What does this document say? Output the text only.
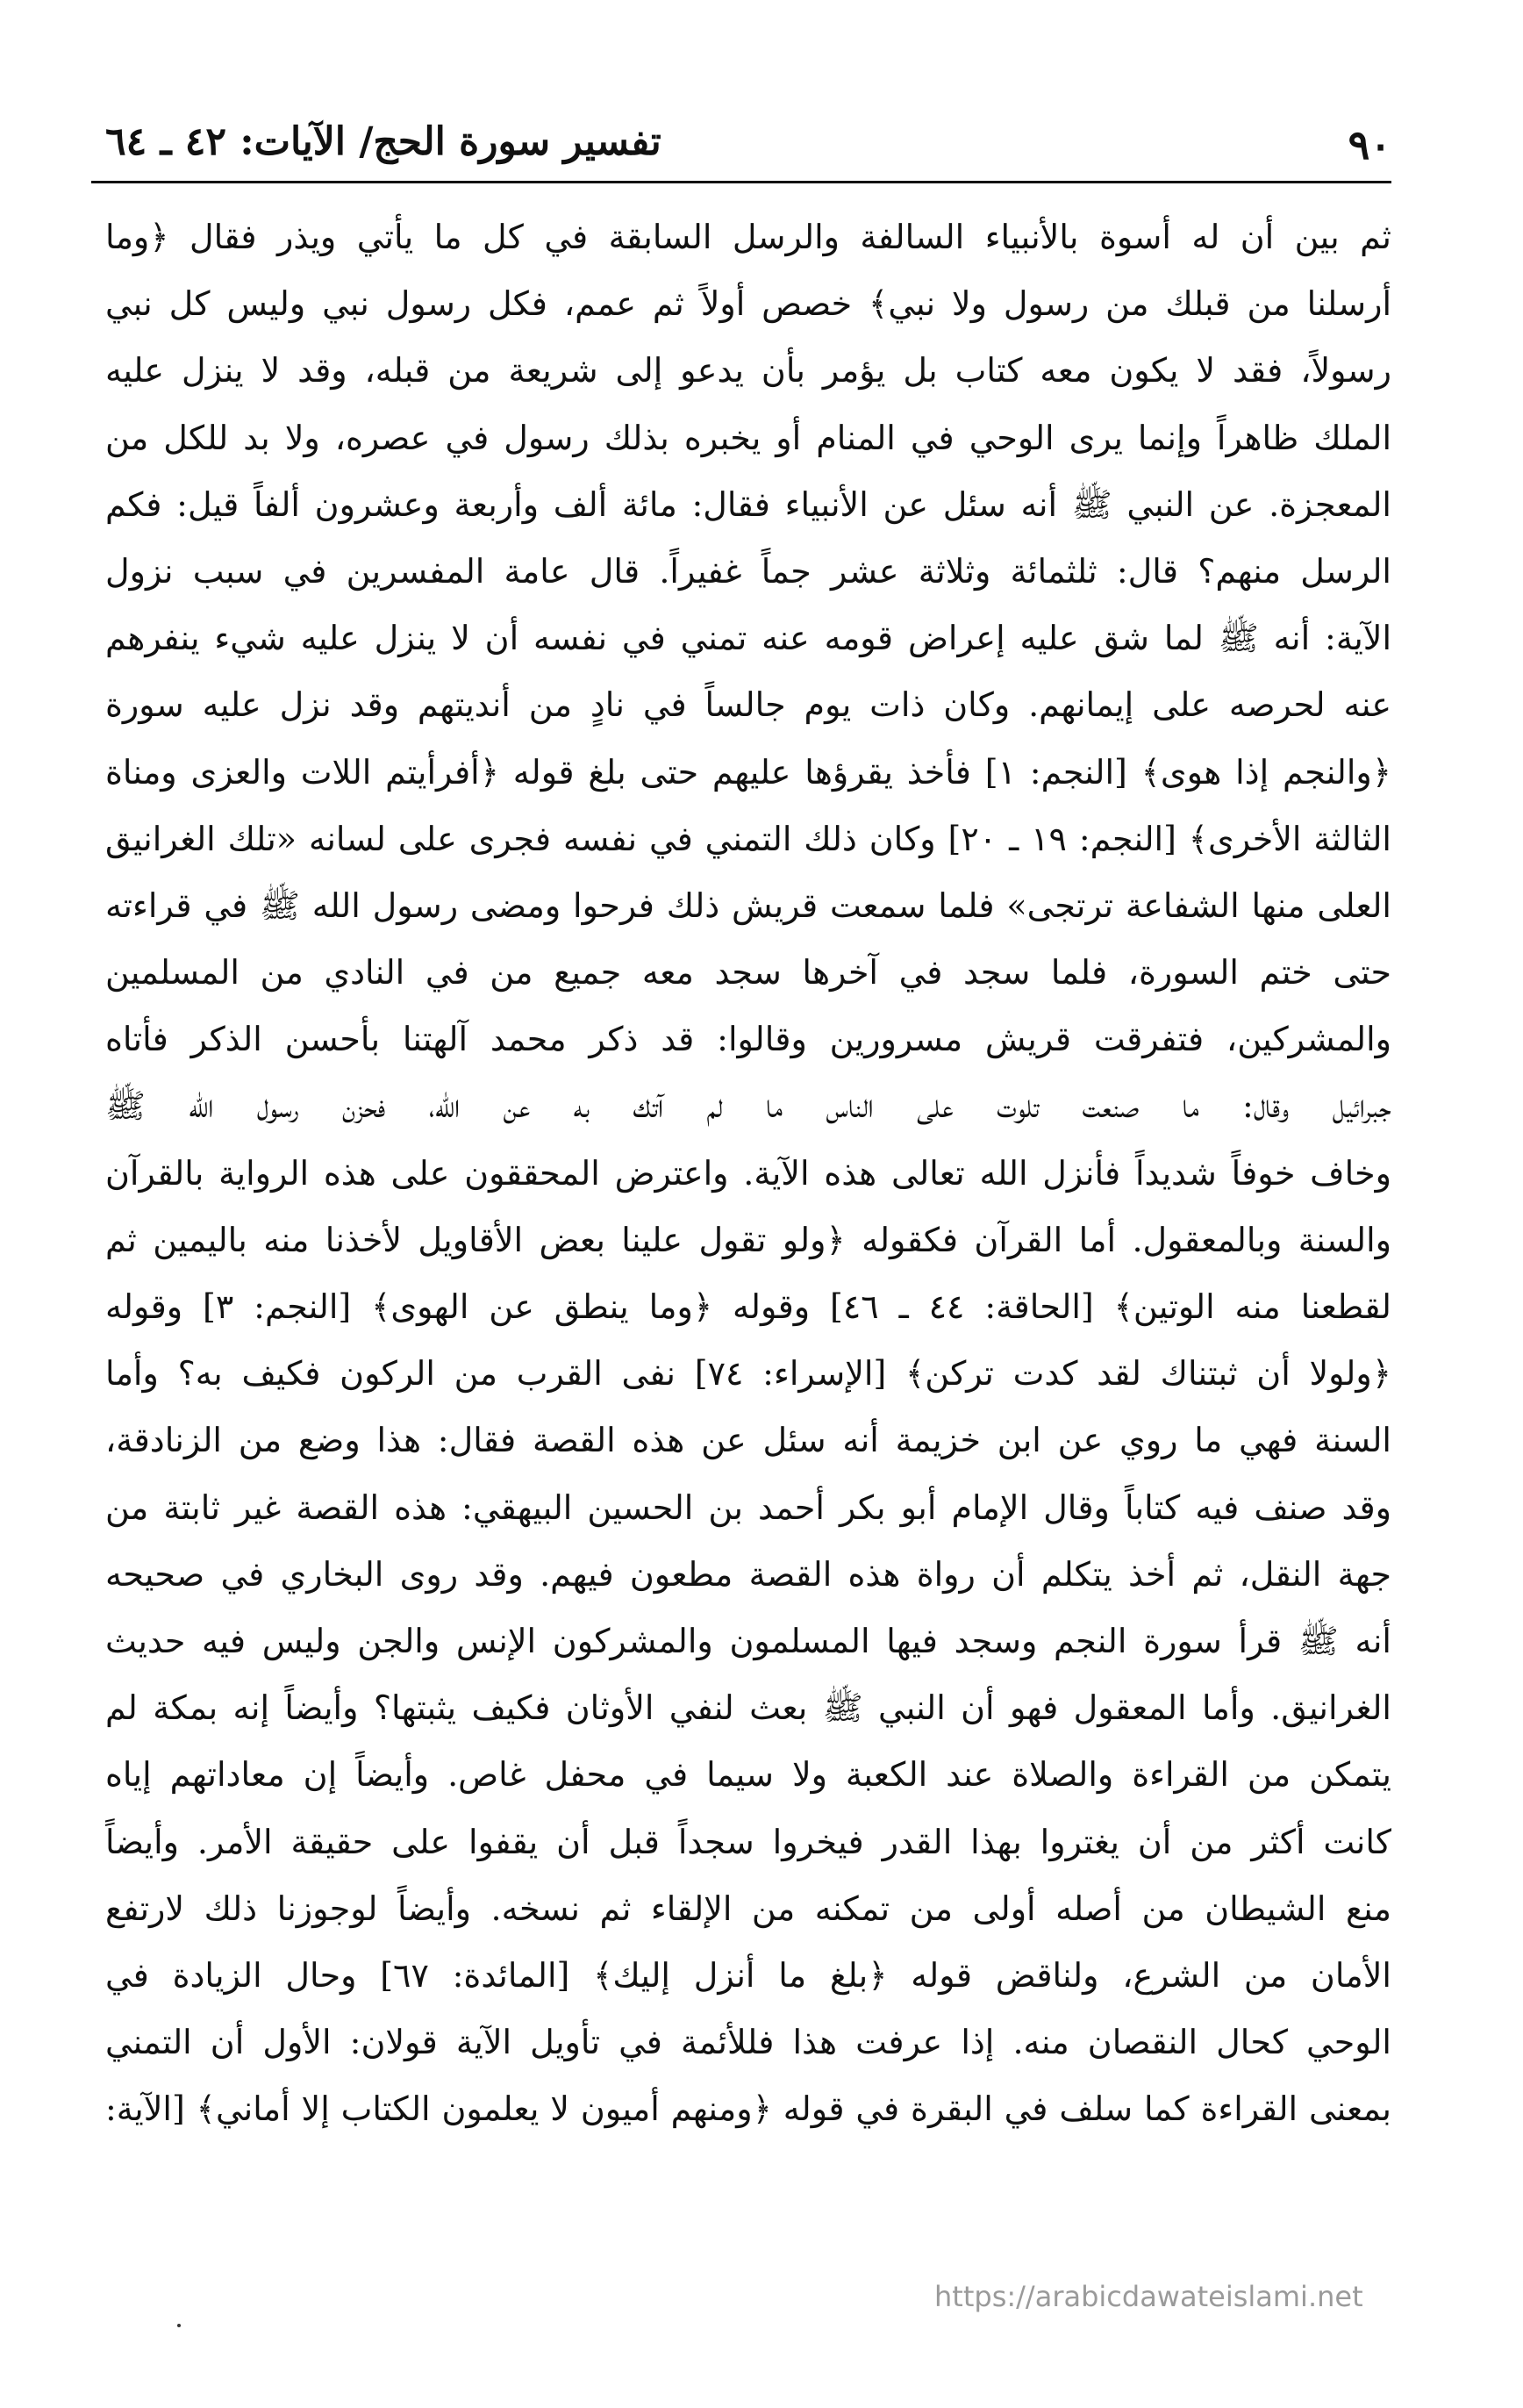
٩٠
تفسير سورة الحج/ الآيات: ٤٢ ـ ٦٤
ثم بين أن له أسوة بالأنبياء السالفة والرسل السابقة في كل ما يأتي ويذر فقال ﴿وما
أرسلنا من قبلك من رسول ولا نبي﴾ خصص أولاً ثم عمم، فكل رسول نبي وليس كل نبي
رسولاً، فقد لا يكون معه كتاب بل يؤمر بأن يدعو إلى شريعة من قبله، وقد لا ينزل عليه
الملك ظاهراً وإنما يرى الوحي في المنام أو يخبره بذلك رسول في عصره، ولا بد للكل من
المعجزة. عن النبي ﷺ أنه سئل عن الأنبياء فقال: مائة ألف وأربعة وعشرون ألفاً قيل: فكم
الرسل منهم؟ قال: ثلثمائة وثلاثة عشر جماً غفيراً. قال عامة المفسرين في سبب نزول
الآية: أنه ﷺ لما شق عليه إعراض قومه عنه تمني في نفسه أن لا ينزل عليه شيء ينفرهم
عنه لحرصه على إيمانهم. وكان ذات يوم جالساً في نادٍ من أنديتهم وقد نزل عليه سورة
﴿والنجم إذا هوى﴾ [النجم: ١] فأخذ يقرؤها عليهم حتى بلغ قوله ﴿أفرأيتم اللات والعزى ومناة
الثالثة الأخرى﴾ [النجم: ١٩ ـ ٢٠] وكان ذلك التمني في نفسه فجرى على لسانه «تلك الغرانيق
العلى منها الشفاعة ترتجى» فلما سمعت قريش ذلك فرحوا ومضى رسول الله ﷺ في قراءته
حتى ختم السورة، فلما سجد في آخرها سجد معه جميع من في النادي من المسلمين
والمشركين، فتفرقت قريش مسرورين وقالوا: قد ذكر محمد آلهتنا بأحسن الذكر فأتاه
جبرائيل وقال: ما صنعت تلوت على الناس ما لم آتك به عن الله، فحزن رسول الله ﷺ
وخاف خوفاً شديداً فأنزل الله تعالى هذه الآية. واعترض المحققون على هذه الرواية بالقرآن
والسنة وبالمعقول. أما القرآن فكقوله ﴿ولو تقول علينا بعض الأقاويل لأخذنا منه باليمين ثم
لقطعنا منه الوتين﴾ [الحاقة: ٤٤ ـ ٤٦] وقوله ﴿وما ينطق عن الهوى﴾ [النجم: ٣] وقوله
﴿ولولا أن ثبتناك لقد كدت تركن﴾ [الإسراء: ٧٤] نفى القرب من الركون فكيف به؟ وأما
السنة فهي ما روي عن ابن خزيمة أنه سئل عن هذه القصة فقال: هذا وضع من الزنادقة،
وقد صنف فيه كتاباً وقال الإمام أبو بكر أحمد بن الحسين البيهقي: هذه القصة غير ثابتة من
جهة النقل، ثم أخذ يتكلم أن رواة هذه القصة مطعون فيهم. وقد روى البخاري في صحيحه
أنه ﷺ قرأ سورة النجم وسجد فيها المسلمون والمشركون الإنس والجن وليس فيه حديث
الغرانيق. وأما المعقول فهو أن النبي ﷺ بعث لنفي الأوثان فكيف يثبتها؟ وأيضاً إنه بمكة لم
يتمكن من القراءة والصلاة عند الكعبة ولا سيما في محفل غاص. وأيضاً إن معاداتهم إياه
كانت أكثر من أن يغتروا بهذا القدر فيخروا سجداً قبل أن يقفوا على حقيقة الأمر. وأيضاً
منع الشيطان من أصله أولى من تمكنه من الإلقاء ثم نسخه. وأيضاً لوجوزنا ذلك لارتفع
الأمان من الشرع، ولناقض قوله ﴿بلغ ما أنزل إليك﴾ [المائدة: ٦٧] وحال الزيادة في
الوحي كحال النقصان منه. إذا عرفت هذا فللأئمة في تأويل الآية قولان: الأول أن التمني
بمعنى القراءة كما سلف في البقرة في قوله ﴿ومنهم أميون لا يعلمون الكتاب إلا أماني﴾ [الآية:
https://arabicdawateislami.net
